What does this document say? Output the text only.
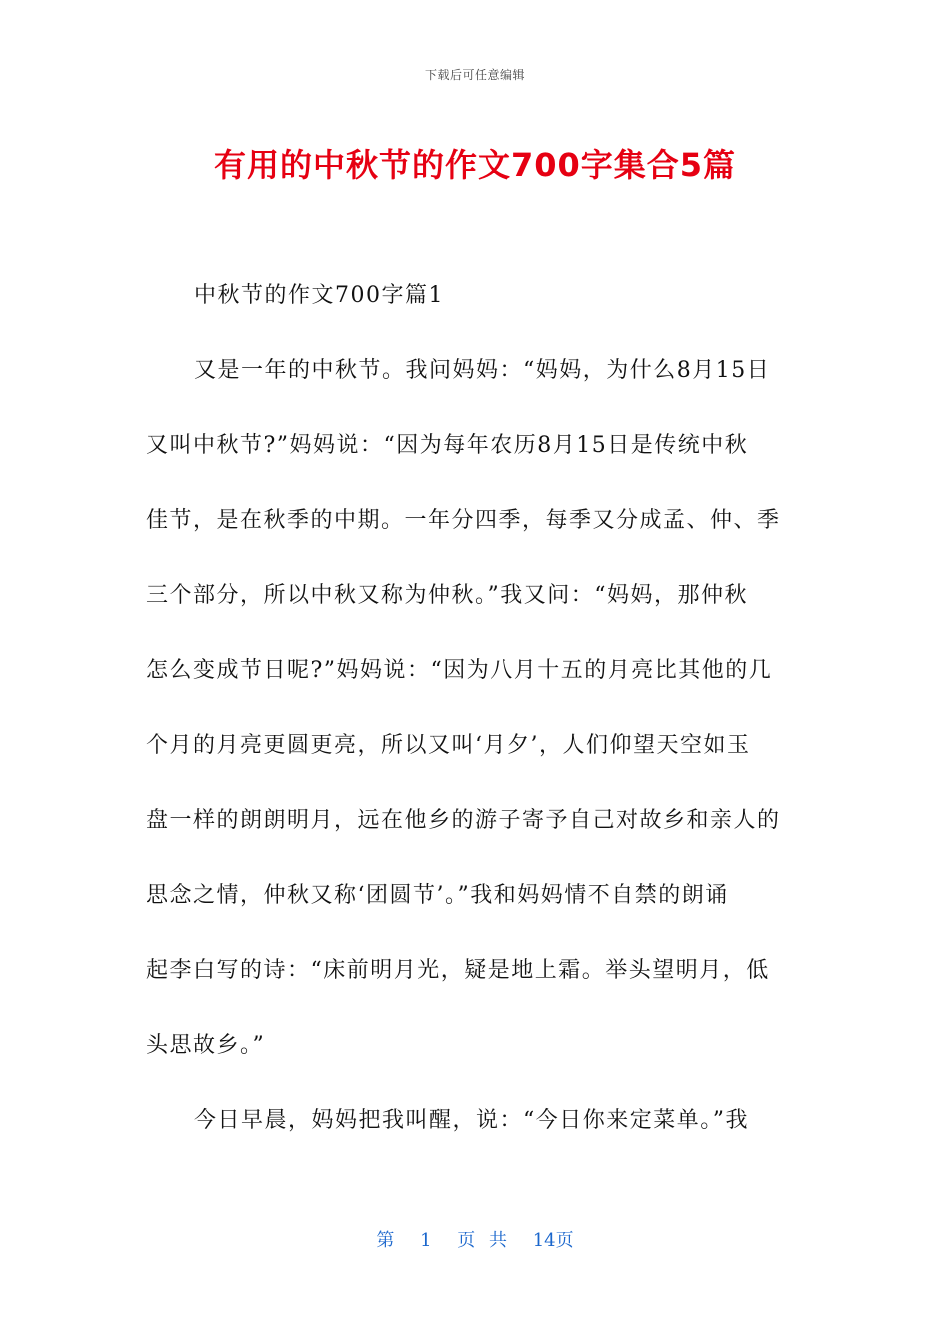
下载后可任意编辑
有用的中秋节的作文700字集合5篇
中秋节的作文700字篇1
又是一年的中秋节。我问妈妈：“妈妈，为什么8月15日
又叫中秋节?”妈妈说：“因为每年农历8月15日是传统中秋
佳节，是在秋季的中期。一年分四季，每季又分成孟、仲、季
三个部分，所以中秋又称为仲秋。”我又问：“妈妈，那仲秋
怎么变成节日呢?”妈妈说：“因为八月十五的月亮比其他的几
个月的月亮更圆更亮，所以又叫‘月夕’，人们仰望天空如玉
盘一样的朗朗明月，远在他乡的游子寄予自己对故乡和亲人的
思念之情，仲秋又称‘团圆节’。”我和妈妈情不自禁的朗诵
起李白写的诗：“床前明月光，疑是地上霜。举头望明月，低
头思故乡。”
今日早晨，妈妈把我叫醒，说：“今日你来定菜单。”我
第 1 页 共 14页
